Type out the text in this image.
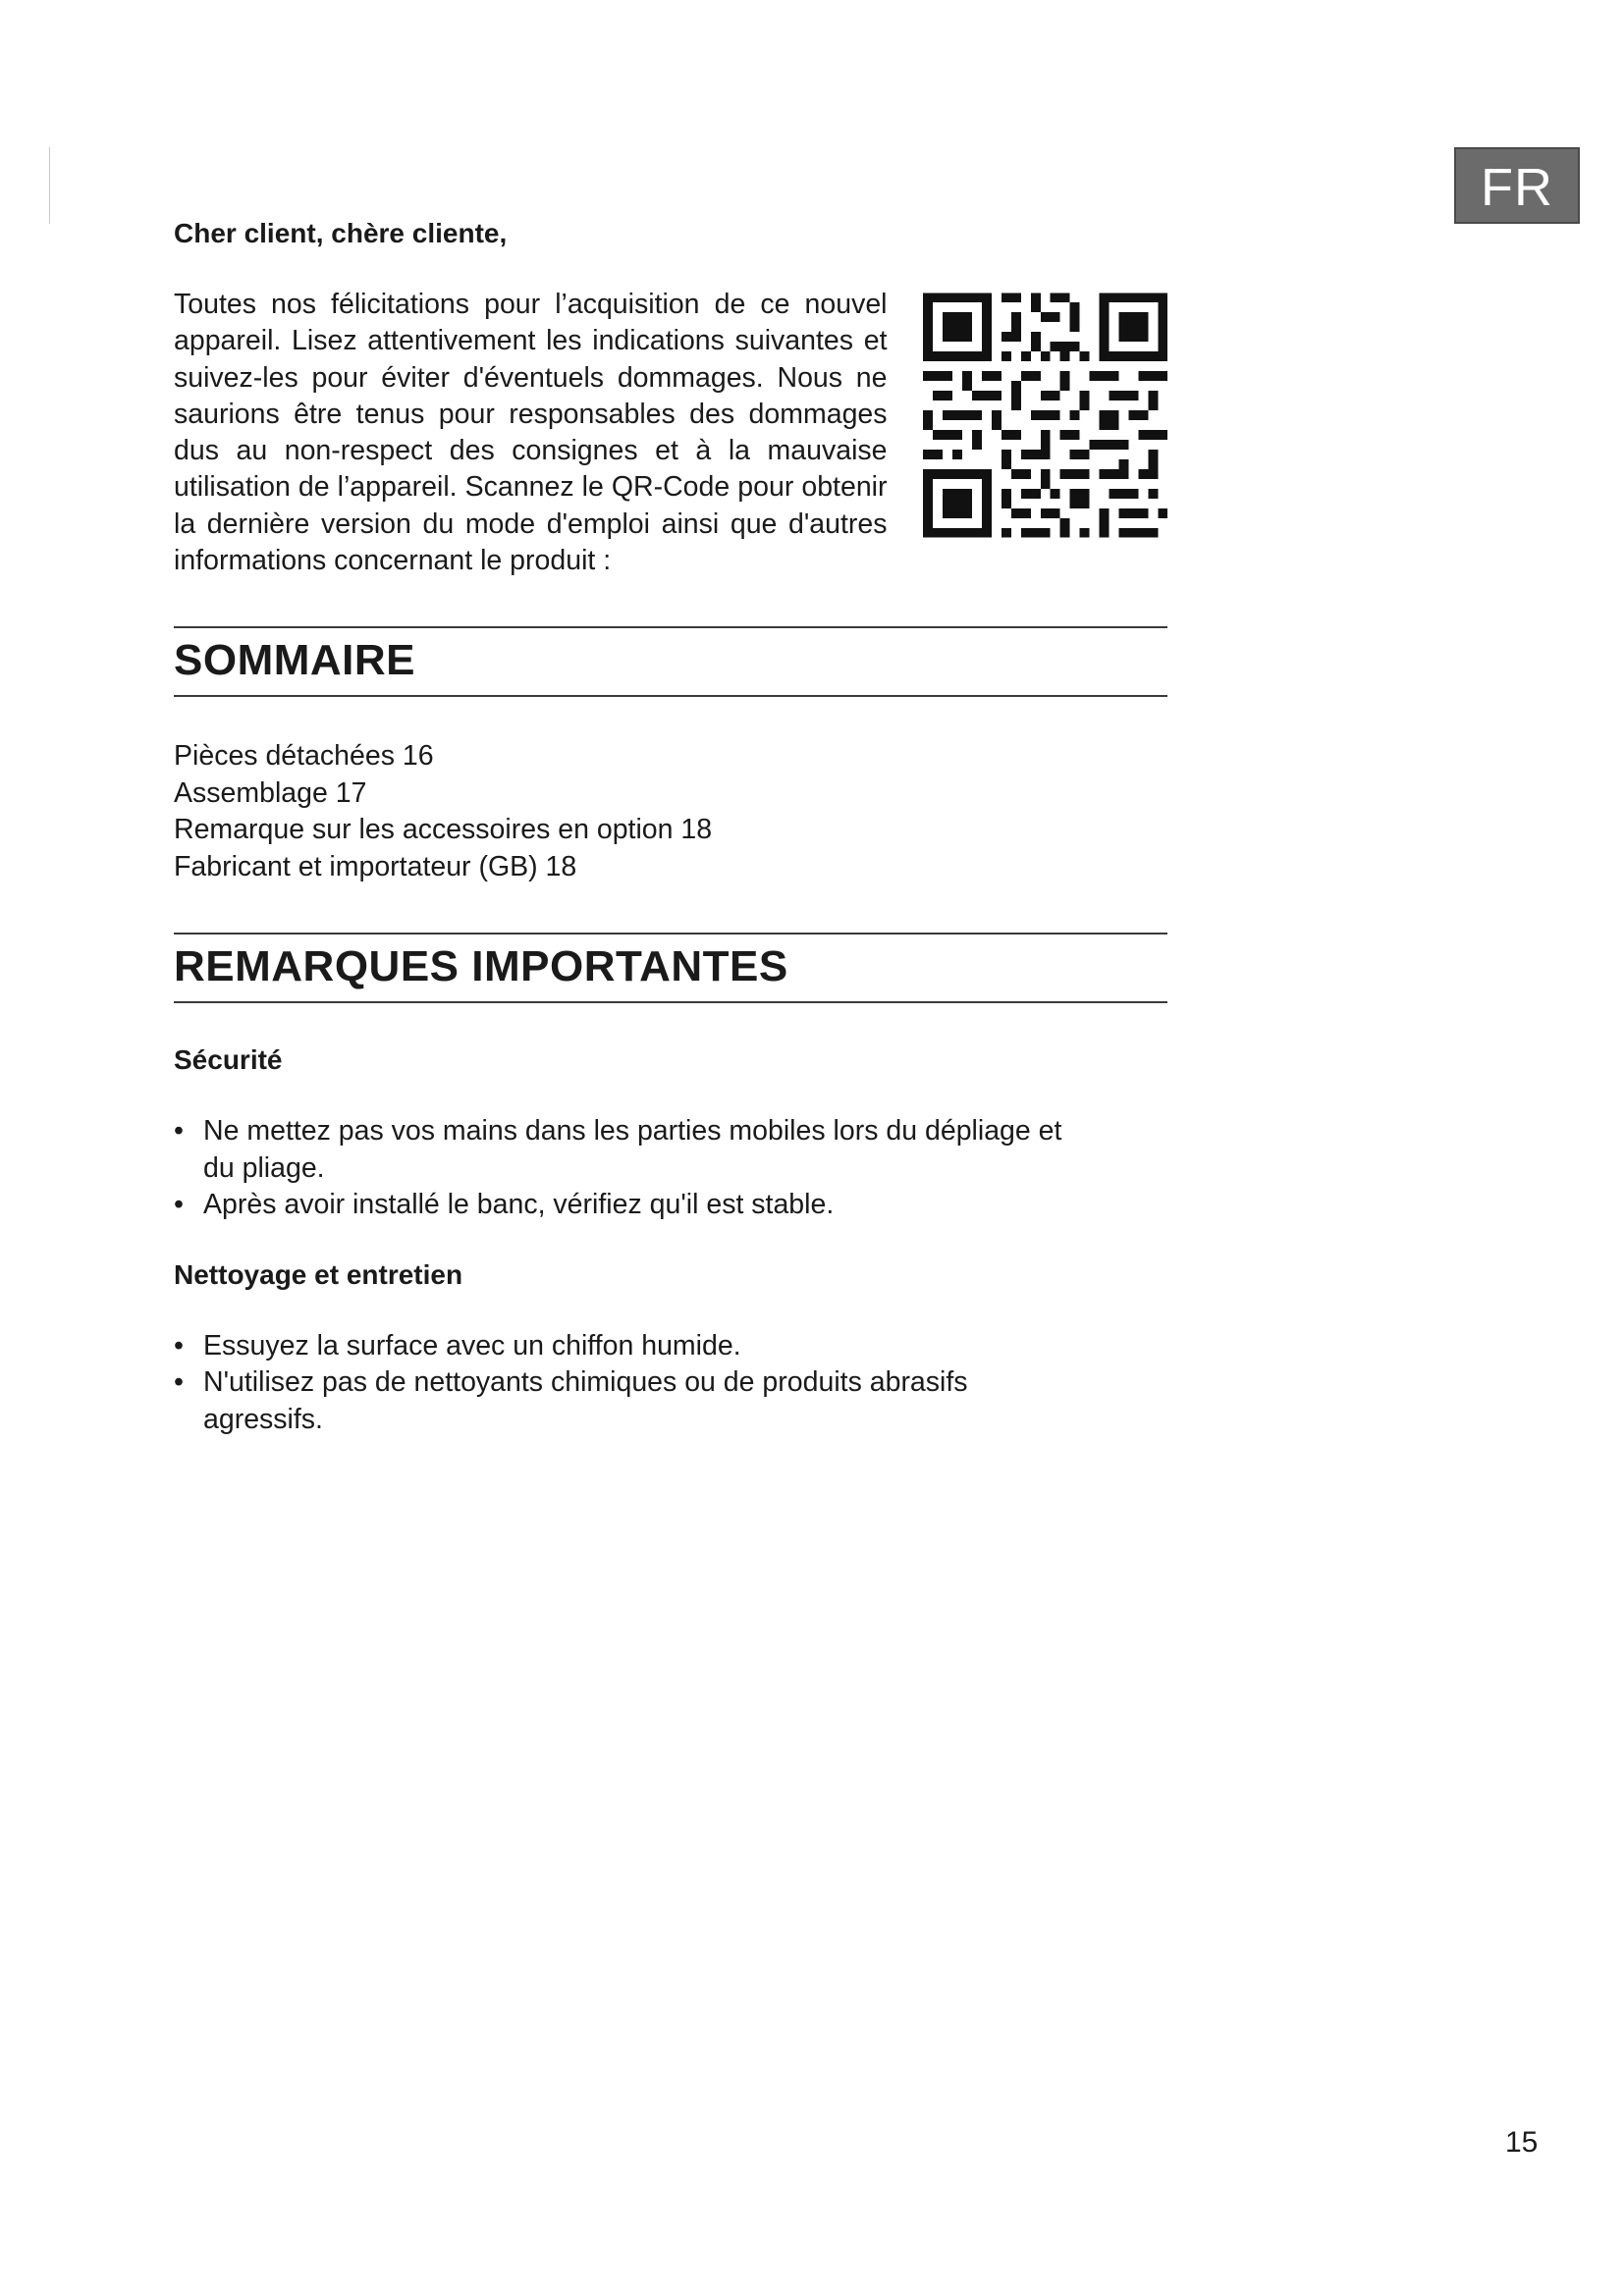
FR

Cher client, chère cliente,

Toutes nos félicitations pour l’acquisition de ce nouvel appareil. Lisez attentivement les indications suivantes et suivez-les pour éviter d'éventuels dommages. Nous ne saurions être tenus pour responsables des dommages dus au non-respect des consignes et à la mauvaise utilisation de l’appareil. Scannez le QR-Code pour obtenir la dernière version du mode d'emploi ainsi que d'autres informations concernant le produit :

SOMMAIRE
Pièces détachées 16
Assemblage 17
Remarque sur les accessoires en option 18
Fabricant et importateur (GB) 18
REMARQUES IMPORTANTES

Sécurité

• Ne mettez pas vos mains dans les parties mobiles lors du dépliage et du pliage.
• Après avoir installé le banc, vérifiez qu'il est stable.

Nettoyage et entretien

• Essuyez la surface avec un chiffon humide.
• N'utilisez pas de nettoyants chimiques ou de produits abrasifs agressifs.
15
